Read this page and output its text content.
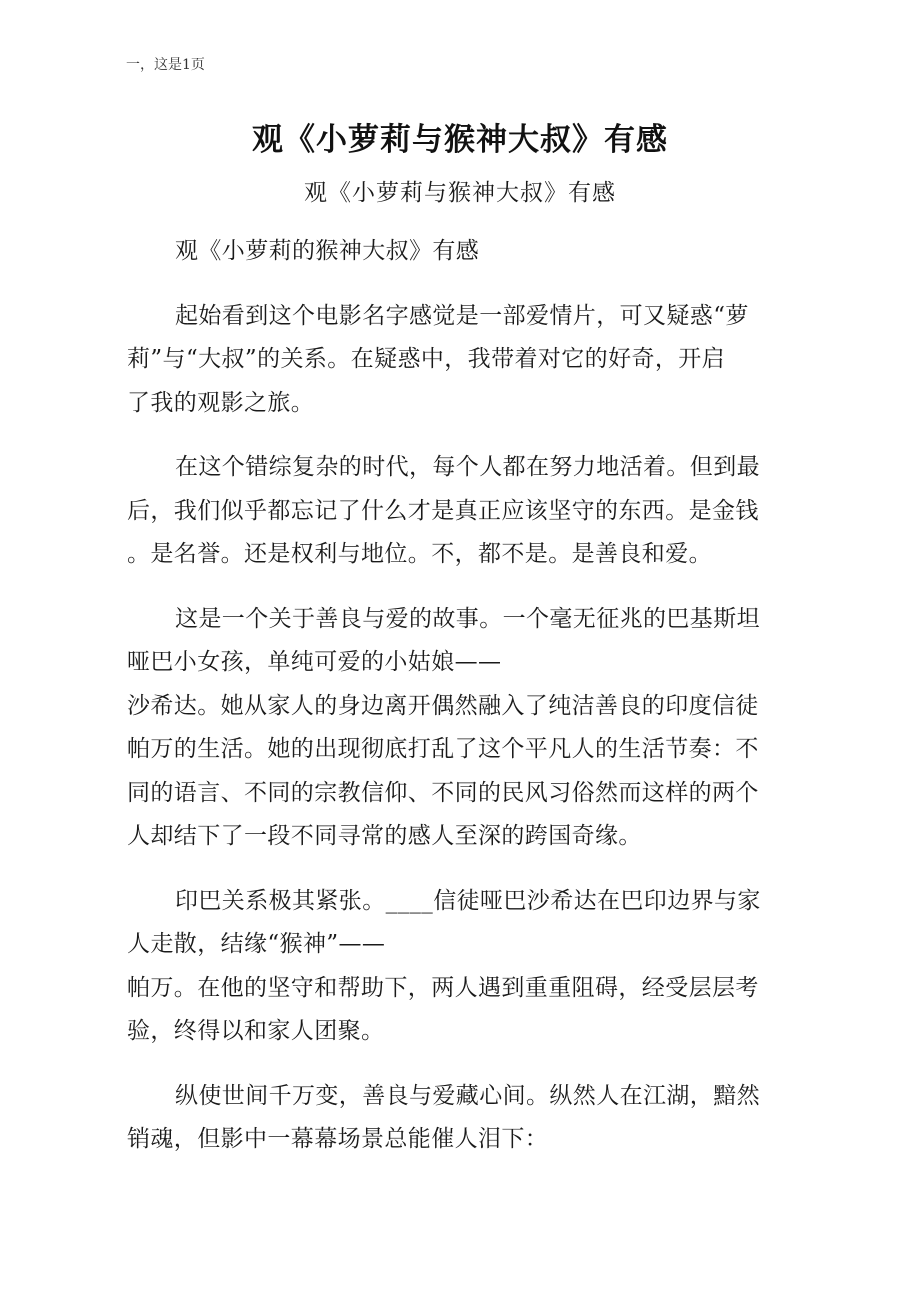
一，这是1页
观《小萝莉与猴神大叔》有感
观《小萝莉与猴神大叔》有感

观《小萝莉的猴神大叔》有感

起始看到这个电影名字感觉是一部爱情片，可又疑惑“萝
莉”与“大叔”的关系。在疑惑中，我带着对它的好奇，开启
了我的观影之旅。

在这个错综复杂的时代，每个人都在努力地活着。但到最
后，我们似乎都忘记了什么才是真正应该坚守的东西。是金钱
。是名誉。还是权利与地位。不，都不是。是善良和爱。

这是一个关于善良与爱的故事。一个毫无征兆的巴基斯坦
哑巴小女孩，单纯可爱的小姑娘——
沙希达。她从家人的身边离开偶然融入了纯洁善良的印度信徒
帕万的生活。她的出现彻底打乱了这个平凡人的生活节奏：不
同的语言、不同的宗教信仰、不同的民风习俗然而这样的两个
人却结下了一段不同寻常的感人至深的跨国奇缘。

印巴关系极其紧张。____信徒哑巴沙希达在巴印边界与家
人走散，结缘“猴神”——
帕万。在他的坚守和帮助下，两人遇到重重阻碍，经受层层考
验，终得以和家人团聚。

纵使世间千万变，善良与爱藏心间。纵然人在江湖，黯然
销魂，但影中一幕幕场景总能催人泪下：
